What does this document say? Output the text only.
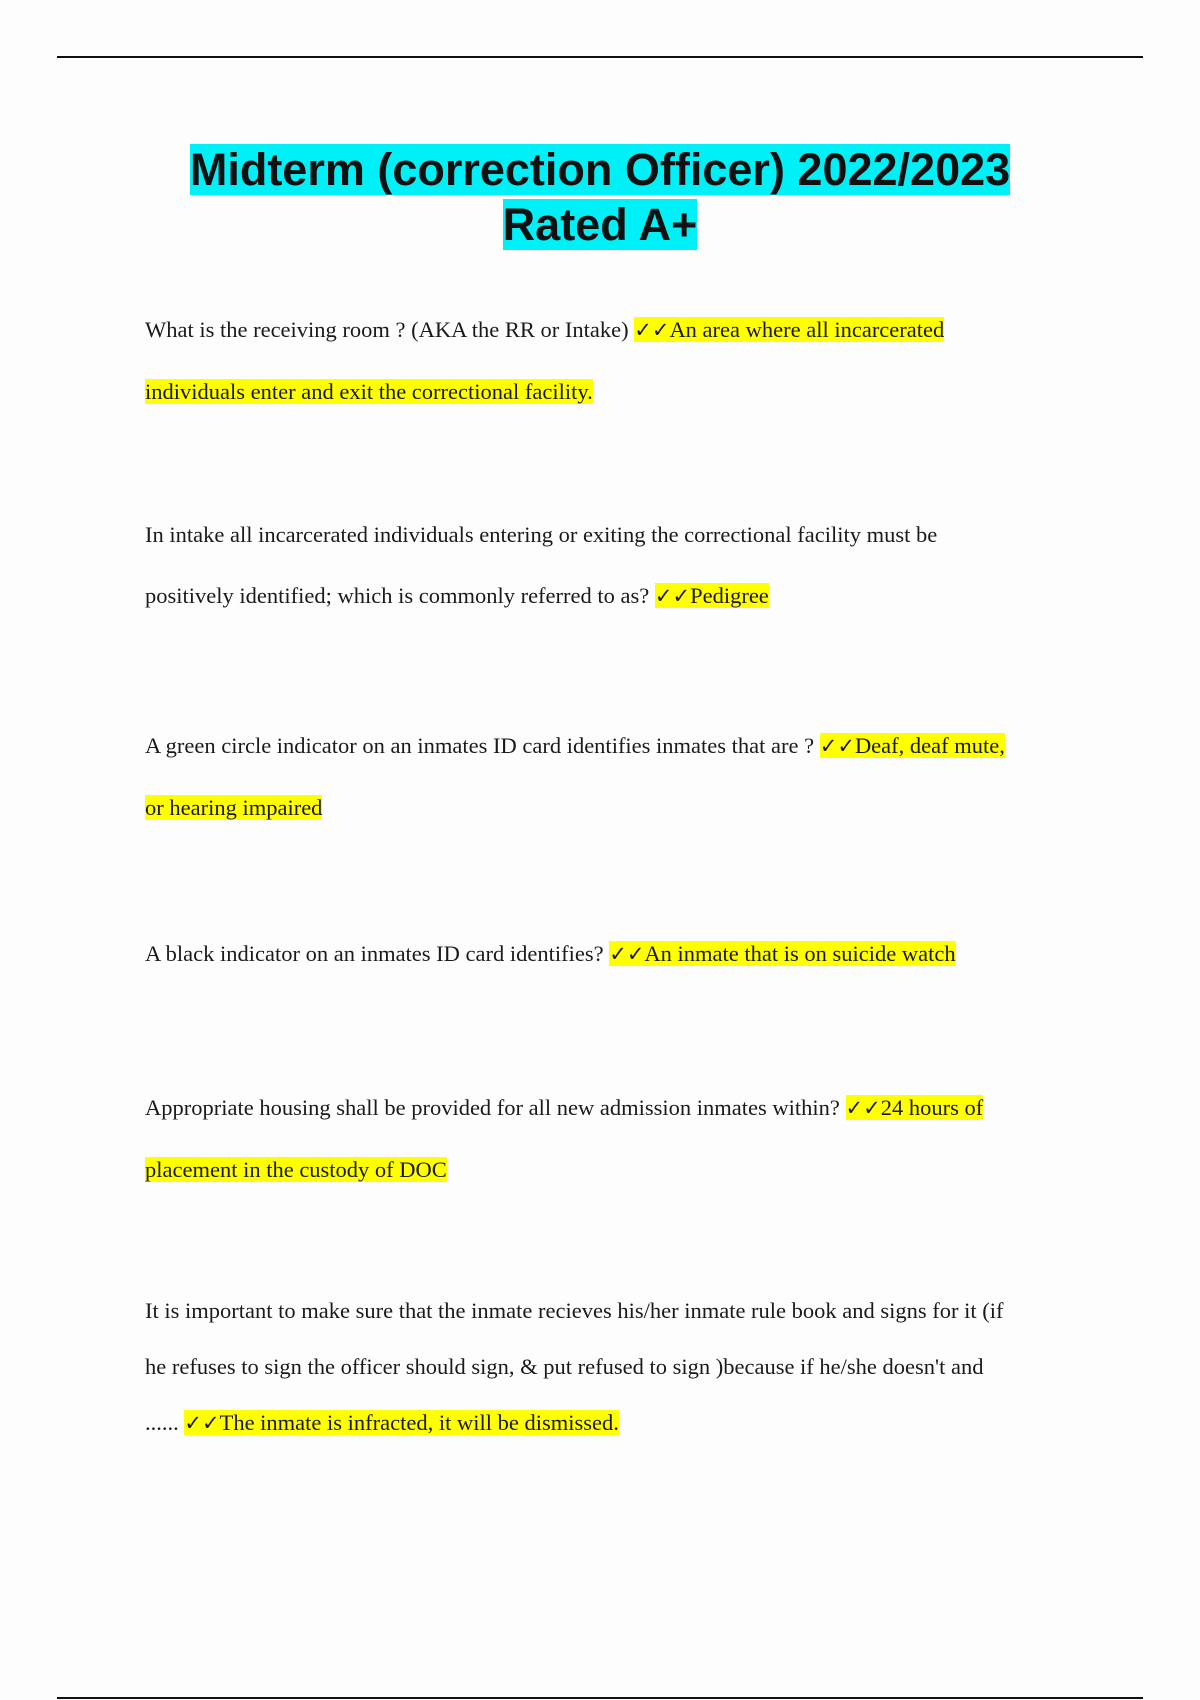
Midterm (correction Officer) 2022/2023
Rated A+
What is the receiving room ? (AKA the RR or Intake) ✓✓An area where all incarcerated
individuals enter and exit the correctional facility.
In intake all incarcerated individuals entering or exiting the correctional facility must be
positively identified; which is commonly referred to as? ✓✓Pedigree
A green circle indicator on an inmates ID card identifies inmates that are ? ✓✓Deaf, deaf mute,
or hearing impaired
A black indicator on an inmates ID card identifies? ✓✓An inmate that is on suicide watch
Appropriate housing shall be provided for all new admission inmates within? ✓✓24 hours of
placement in the custody of DOC
It is important to make sure that the inmate recieves his/her inmate rule book and signs for it (if
he refuses to sign the officer should sign, & put refused to sign )because if he/she doesn't and
...... ✓✓The inmate is infracted, it will be dismissed.
